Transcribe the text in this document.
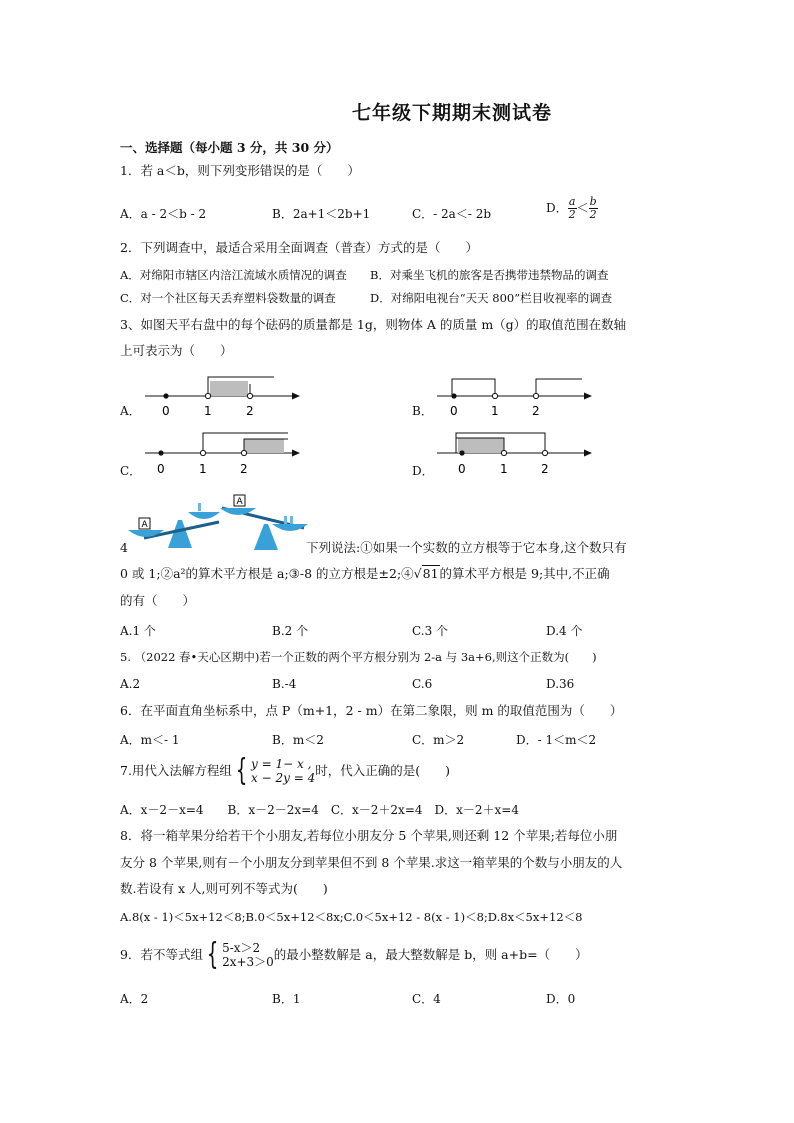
七年级下期期末测试卷
一、选择题（每小题 3 分，共 30 分）
1．若 a＜b，则下列变形错误的是（　　）
A．a - 2＜b - 2	B．2a+1＜2b+1	C．- 2a＜- 2b	D． $\frac{a}{2} < \frac{b}{2}$
2．下列调查中，最适合采用全面调查（普查）方式的是（　　）
A．对绵阳市辖区内涪江流域水质情况的调查 B．对乘坐飞机的旅客是否携带违禁物品的调查
C．对一个社区每天丢弃塑料袋数量的调查	D．对绵阳电视台“天天 800”栏目收视率的调查
3、如图天平右盘中的每个砝码的质量都是 1g，则物体 A 的质量 m（g）的取值范围在数轴
上可表示为（　　）
A． 0	1	2	B． 0	1	2
C． 0	1	2	D． 0	1	2
4
A
A
下列说法:①如果一个实数的立方根等于它本身,这个数只有
0 或 1;②a²的算术平方根是 a;③-8 的立方根是±2;④√81的算术平方根是 9;其中,不正确
的有（　　）
A.1 个	B.2 个	C.3 个	D.4 个
5. （2022 春•天心区期中)若一个正数的两个平方根分别为 2-a 与 3a+6,则这个正数为(　　)
A.2	B.-4	C.6	D.36
6．在平面直角坐标系中，点 P（m+1，2 - m）在第二象限，则 m 的取值范围为（　　）
A．m＜- 1	B．m＜2	C．m＞2	D．- 1＜m＜2
7.用代入法解方程组 { y = 1− x ,
x − 2y = 4 时，代入正确的是(　　)
A．x－2－x=4　　B．x－2－2x=4　C．x－2＋2x=4　D．x－2＋x=4
8．将一箱苹果分给若干个小朋友,若每位小朋友分 5 个苹果,则还剩 12 个苹果;若每位小朋
友分 8 个苹果,则有－个小朋友分到苹果但不到 8 个苹果.求这一箱苹果的个数与小朋友的人
数.若设有 x 人,则可列不等式为(　　)
A.8(x - 1)＜5x+12＜8;B.0＜5x+12＜8x;C.0＜5x+12 - 8(x - 1)＜8;D.8x＜5x+12＜8
9．若不等式组 { 5-x＞2
2x+3＞0 的最小整数解是 a，最大整数解是 b，则 a+b=（　　）
A．2	B．1	C．4	D．0
